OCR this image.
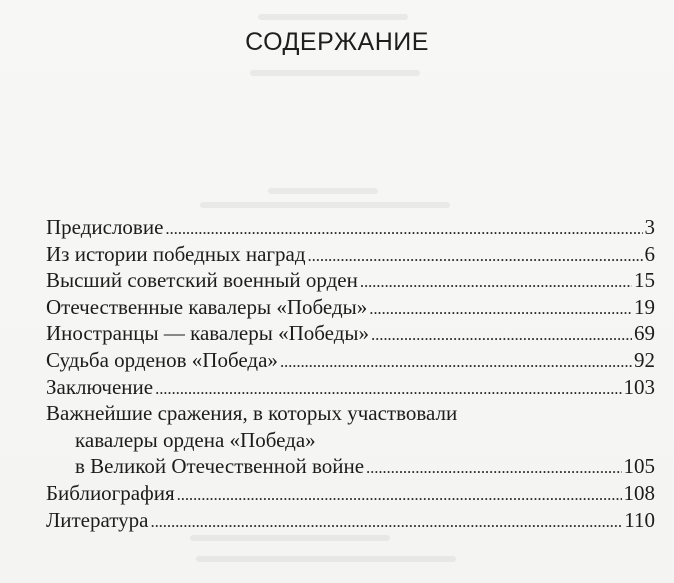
СОДЕРЖАНИЕ
Предисловие . . .	3
Из истории победных наград . . .	6
Высший советский военный орден . . .	15
Отечественные кавалеры «Победы» . . .	19
Иностранцы — кавалеры «Победы» . . .	69
Судьба орденов «Победа» . . .	92
Заключение . . .	103
Важнейшие сражения, в которых участвовали
кавалеры ордена «Победа»
в Великой Отечественной войне . . .	105
Библиография . . .	108
Литература . . .	110
